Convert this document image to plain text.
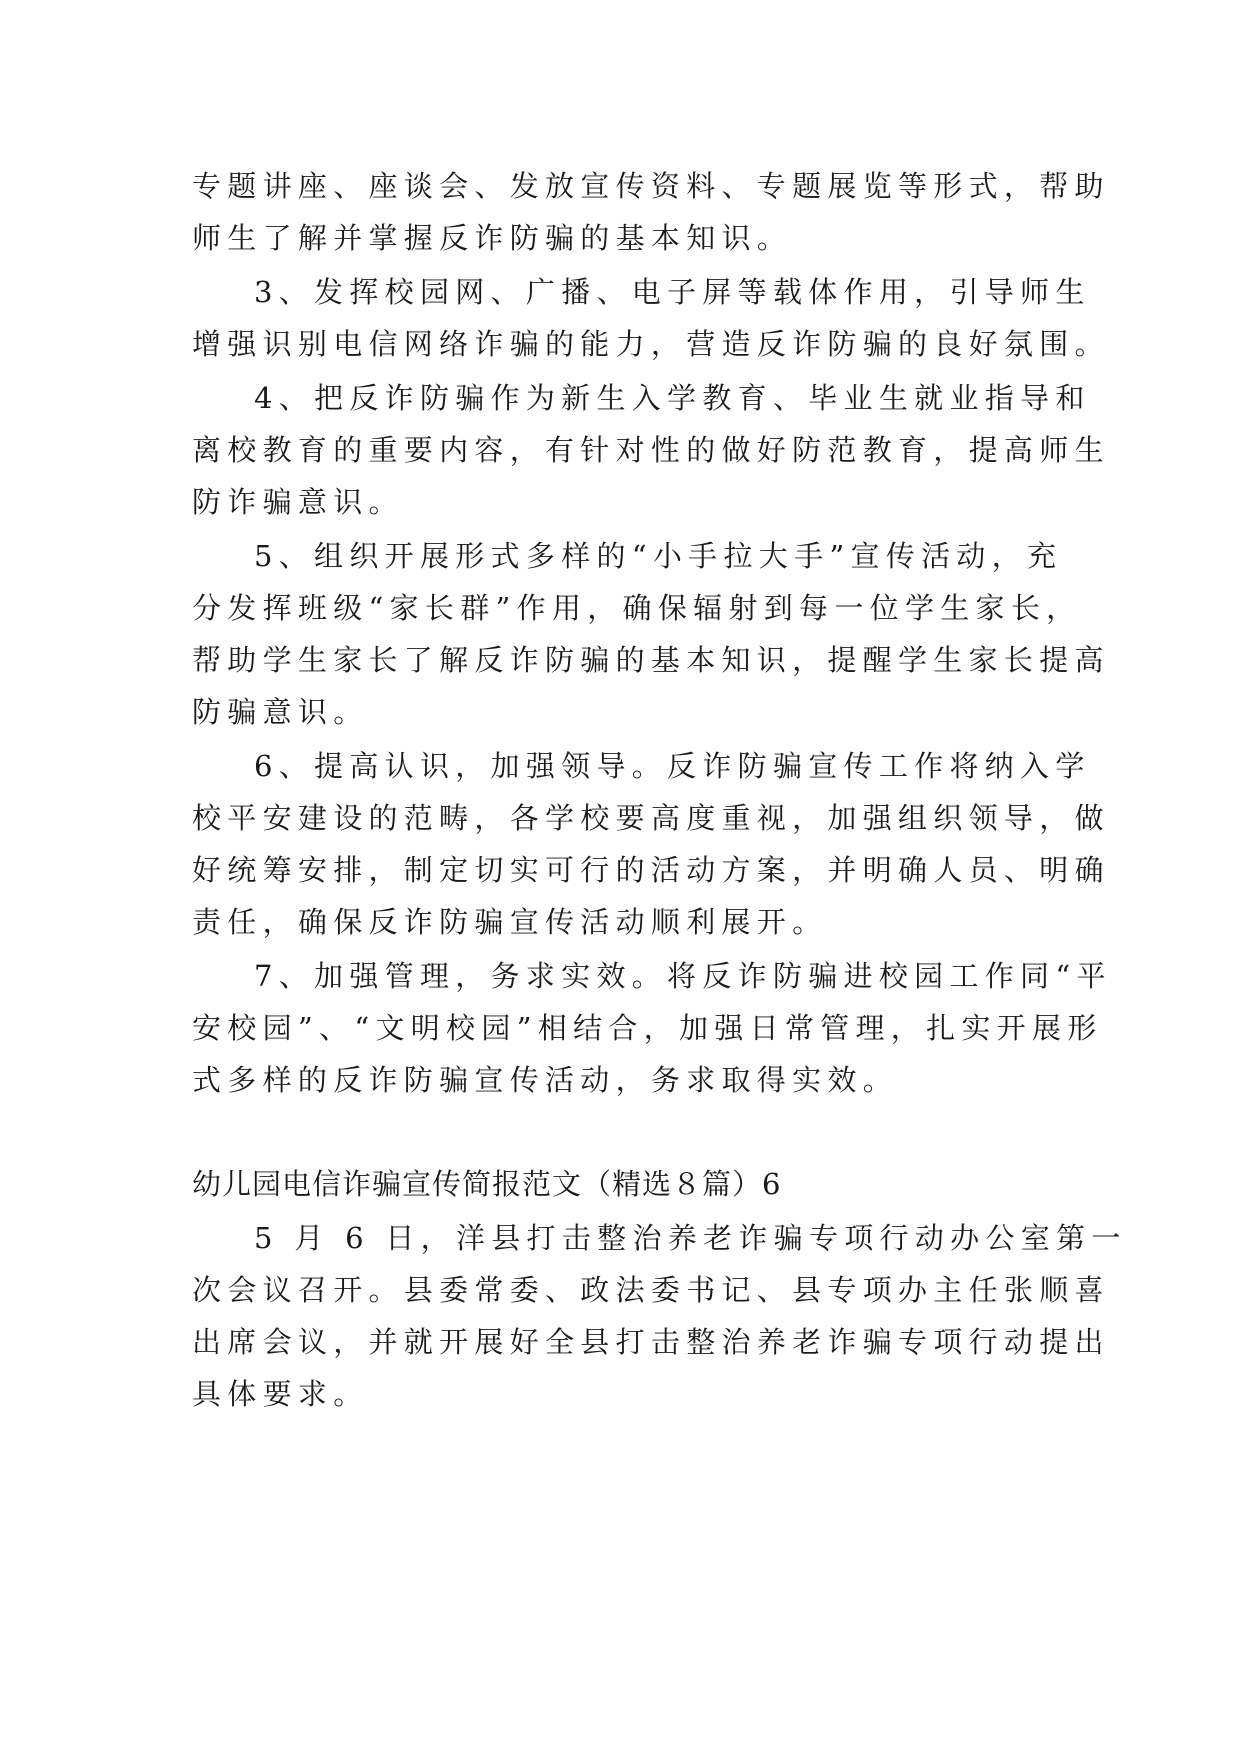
专题讲座、座谈会、发放宣传资料、专题展览等形式，帮助
师生了解并掌握反诈防骗的基本知识。
3、发挥校园网、广播、电子屏等载体作用，引导师生
增强识别电信网络诈骗的能力，营造反诈防骗的良好氛围。
4、把反诈防骗作为新生入学教育、毕业生就业指导和
离校教育的重要内容，有针对性的做好防范教育，提高师生
防诈骗意识。
5、组织开展形式多样的“小手拉大手”宣传活动，充
分发挥班级“家长群”作用，确保辐射到每一位学生家长，
帮助学生家长了解反诈防骗的基本知识，提醒学生家长提高
防骗意识。
6、提高认识，加强领导。反诈防骗宣传工作将纳入学
校平安建设的范畴，各学校要高度重视，加强组织领导，做
好统筹安排，制定切实可行的活动方案，并明确人员、明确
责任，确保反诈防骗宣传活动顺利展开。
7、加强管理，务求实效。将反诈防骗进校园工作同“平
安校园”、“文明校园”相结合，加强日常管理，扎实开展形
式多样的反诈防骗宣传活动，务求取得实效。
幼儿园电信诈骗宣传简报范文（精选８篇）6
5 月 6 日，洋县打击整治养老诈骗专项行动办公室第一
次会议召开。县委常委、政法委书记、县专项办主任张顺喜
出席会议，并就开展好全县打击整治养老诈骗专项行动提出
具体要求。
